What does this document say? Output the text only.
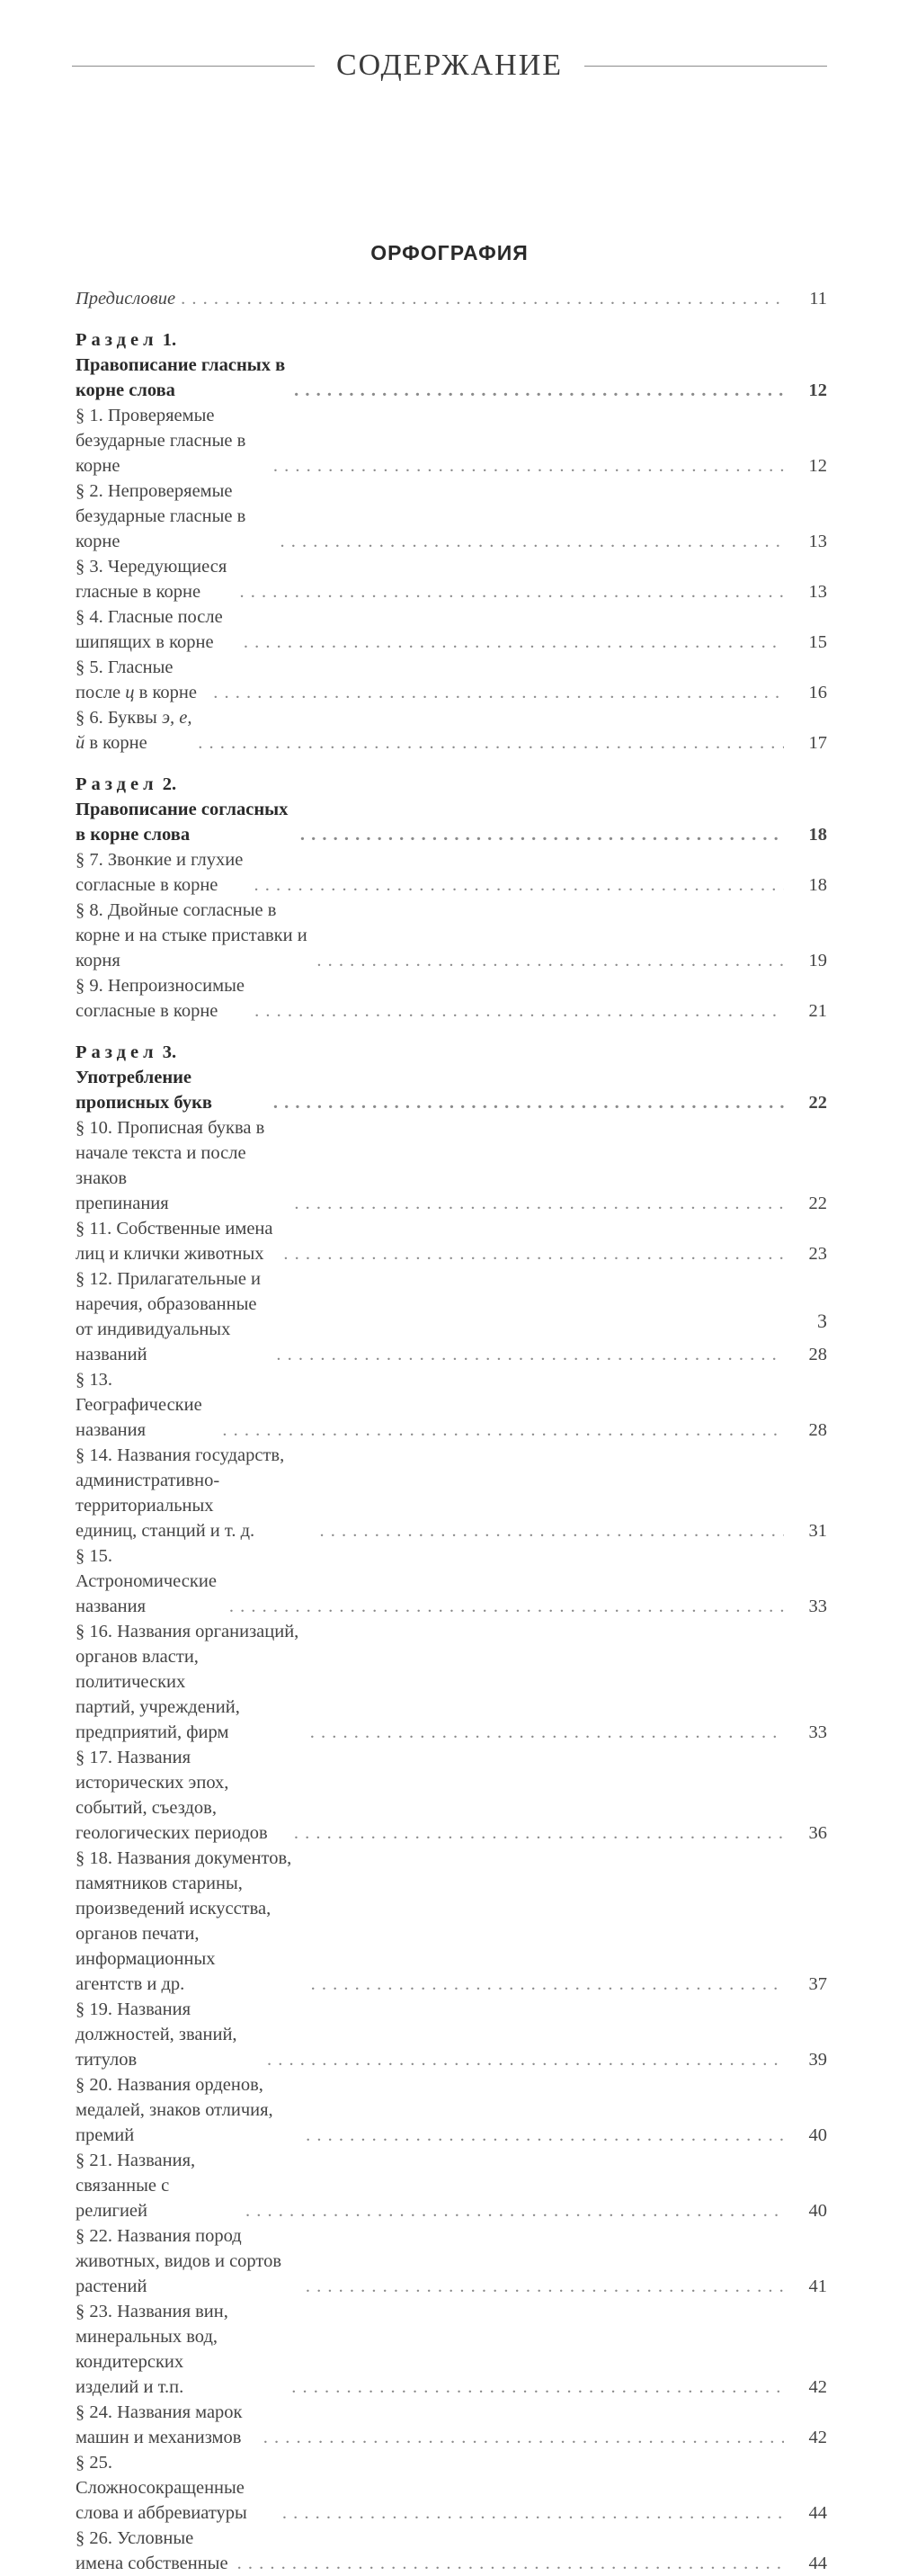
СОДЕРЖАНИЕ
ОРФОГРАФИЯ
Предисловие . . .	11
Раздел 1. Правописание гласных в корне слова . . .	12
§ 1. Проверяемые безударные гласные в корне . . .	12
§ 2. Непроверяемые безударные гласные в корне . . .	13
§ 3. Чередующиеся гласные в корне . . .	13
§ 4. Гласные после шипящих в корне . . .	15
§ 5. Гласные после ц в корне . . .	16
§ 6. Буквы э, е, й в корне . . .	17
Раздел 2. Правописание согласных в корне слова . . .	18
§ 7. Звонкие и глухие согласные в корне . . .	18
§ 8. Двойные согласные в корне и на стыке приставки и корня . . .	19
§ 9. Непроизносимые согласные в корне . . .	21
Раздел 3. Употребление прописных букв . . .	22
§ 10. Прописная буква в начале текста и после знаков
препинания . . .	22
§ 11. Собственные имена лиц и клички животных . . .	23
§ 12. Прилагательные и наречия, образованные
от индивидуальных названий . . .	28
§ 13. Географические названия . . .	28
§ 14. Названия государств, административно-территориальных
единиц, станций и т. д. . . .	31
§ 15. Астрономические названия . . .	33
§ 16. Названия организаций, органов власти, политических
партий, учреждений, предприятий, фирм . . .	33
§ 17. Названия исторических эпох, событий, съездов,
геологических периодов . . .	36
§ 18. Названия документов, памятников старины,
произведений искусства, органов печати, информационных
агентств и др. . . .	37
§ 19. Названия должностей, званий, титулов . . .	39
§ 20. Названия орденов, медалей, знаков отличия, премий . . .	40
§ 21. Названия, связанные с религией . . .	40
§ 22. Названия пород животных, видов и сортов растений . . .	41
§ 23. Названия вин, минеральных вод, кондитерских
изделий и т.п. . . .	42
§ 24. Названия марок машин и механизмов . . .	42
§ 25. Сложносокращенные слова и аббревиатуры . . .	44
§ 26. Условные имена собственные . . .	44
3
